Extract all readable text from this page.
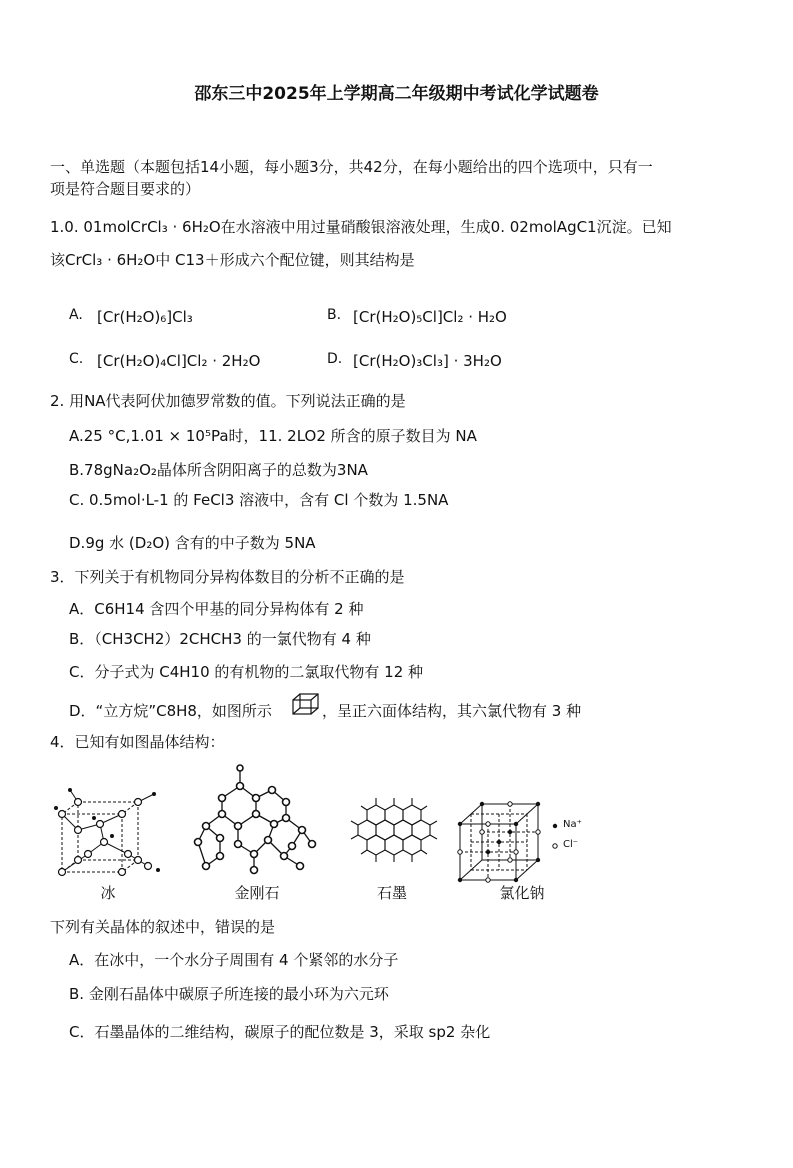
邵东三中2025年上学期高二年级期中考试化学试题卷
一、单选题（本题包括14小题，每小题3分，共42分，在每小题给出的四个选项中，只有一
项是符合题目要求的）
1.0. 01molCrCl₃ · 6H₂O在水溶液中用过量硝酸银溶液处理，生成0. 02molAgC1沉淀。已知
该CrCl₃ · 6H₂O中 C13＋形成六个配位键，则其结构是
A. [Cr(H₂O)₆]Cl₃	B. [Cr(H₂O)₅Cl]Cl₂ · H₂O
C. [Cr(H₂O)₄Cl]Cl₂ · 2H₂O	D. [Cr(H₂O)₃Cl₃] · 3H₂O
2. 用NA代表阿伏加德罗常数的值。下列说法正确的是
A.25 °C,1.01 × 10⁵Pa时，11. 2LO2 所含的原子数目为 NA
B.78gNa₂O₂晶体所含阴阳离子的总数为3NA
C. 0.5mol·L-1 的 FeCl3 溶液中，含有 Cl 个数为 1.5NA
D.9g 水 (D₂O) 含有的中子数为 5NA
3．下列关于有机物同分异构体数目的分析不正确的是
A．C6H14 含四个甲基的同分异构体有 2 种
B．（CH3CH2）2CHCH3 的一氯代物有 4 种
C．分子式为 C4H10 的有机物的二氯取代物有 12 种
D．“立方烷”C8H8，如图所示	，呈正六面体结构，其六氯代物有 3 种
4．已知有如图晶体结构：
Na⁺
Cl⁻
冰	金刚石	石墨	氯化钠
下列有关晶体的叙述中，错误的是
A．在冰中，一个水分子周围有 4 个紧邻的水分子
B. 金刚石晶体中碳原子所连接的最小环为六元环
C．石墨晶体的二维结构，碳原子的配位数是 3，采取 sp2 杂化
